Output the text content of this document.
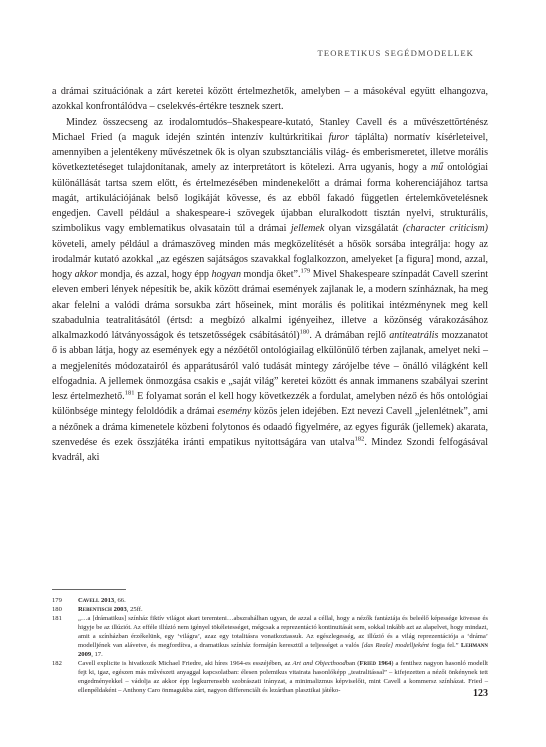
TEORETIKUS SEGÉDMODELLEK

a drámai szituációnak a zárt keretei között értelmezhetők, amelyben – a másokéval együtt elhangozva, azokkal konfrontálódva – cselekvés-értékre tesznek szert.

Mindez összecseng az irodalomtudós–Shakespeare-kutató, Stanley Cavell és a művészettörténész Michael Fried (a maguk idején szintén intenzív kultúrkritikai furor táplálta) normatív kísérleteivel, amennyiben a jelentékeny művészetnek ők is olyan szubsztanciális világ- és emberismeretet, illetve morális következtetéseget tulajdonítanak, amely az interpretátort is kötelezi. Arra ugyanis, hogy a mű ontológiai különállását tartsa szem előtt, és értelmezésében mindenekelőtt a drámai forma koherenciájához tartsa magát, artikulációjának belső logikáját kövesse, és az ebből fakadó független értelemkövetelésnek engedjen. Cavell például a shakespeare-i szövegek újabban eluralkodott tisztán nyelvi, strukturális, szimbolikus vagy emblematikus olvasatain túl a drámai jellemek olyan vizsgálatát (character criticism) követeli, amely például a drámaszöveg minden más megközelítését a hősök sorsába integrálja: hogy az irodalmár kutató azokkal „az egészen sajátságos szavakkal foglalkozzon, amelyeket [a figura] mond, azzal, hogy akkor mondja, és azzal, hogy épp hogyan mondja őket”.$^{179}$ Mivel Shakespeare színpadát Cavell szerint eleven emberi lények népesítik be, akik között drámai események zajlanak le, a modern színháznak, ha meg akar felelni a valódi dráma sorsukba zárt hőseinek, mint morális és politikai intézménynek meg kell szabadulnia teatralitásától (értsd: a megbízó alkalmi igényeihez, illetve a közönség várakozásához alkalmazkodó látványosságok és tetszetősségek csábításától)$^{180}$. A drámában rejlő antiteatrális mozzanatot ő is abban látja, hogy az események egy a nézőétől ontológiailag elkülönülő térben zajlanak, amelyet neki – a megjelenítés módozatairól és apparátusáról való tudását mintegy zárójelbe téve – önálló világként kell elfogadnia. A jellemek önmozgása csakis e „saját világ” keretei között és annak immanens szabályai szerint lesz értelmezhető.$^{181}$ E folyamat során el kell hogy következzék a fordulat, amelyben néző és hős ontológiai különbsége mintegy feloldódik a drámai esemény közös jelen idejében. Ezt nevezi Cavell „jelenlétnek”, ami a nézőnek a dráma kimenetele közbeni folytonos és odaadó figyelmére, az egyes figurák (jellemek) akarata, szenvedése és ezek összjátéka iránti empatikus nyitottságára van utalva$^{182}$. Mindez Szondi felfogásával kvadrál, aki

179	Cavell 2013, 66.
180	Rebentisch 2003, 25ff.
181	„…a [drámatikus] színház fiktív világot akart teremteni…abszrahálhan ugyan, de azzal a céllal, hogy a nézők fantáziája és beleélő képessége kövesse és higyje be az illúziót. Az efféle illúzió nem igényel tökéletességet, mégcsak a reprezentáció kontinuitását sem, sokkal inkább azt az alapelvet, hogy mindazt, amit a színházban érzékelünk, egy ‘világra’, azaz egy totalitásra vonatkoztassuk. Az egészlegesség, az illúzió és a világ reprezentációja a ‘dráma’ modelljének van alávetve, és megfordítva, a dramatikus színház formáján keresztül a teljességet a valós [das Reale] modelljeként fogja fel.” Lehmann 2009, 17.
182	Cavell explicite is hivatkozik Michael Friedre, aki híres 1964-es esszéjében, az Art and Objecthoodban (Fried 1964) a fentihez nagyon hasonló modellt fejt ki, igaz, egészen más művészeti anyaggal kapcsolatban: élesen polemikus vitairata hasonlóképp „teatralitással” – kifejezetten a nézői önkénynek tett engedményekkel – vádolja az akkor épp legkurrensebb szobrászati irányzat, a minimalizmus képviselőit, mint Cavell a kommersz színházat. Fried – ellenpéldaként – Anthony Caro önmagukba zárt, nagyon differenciált és lezárthan plasztikai játéko-	123
